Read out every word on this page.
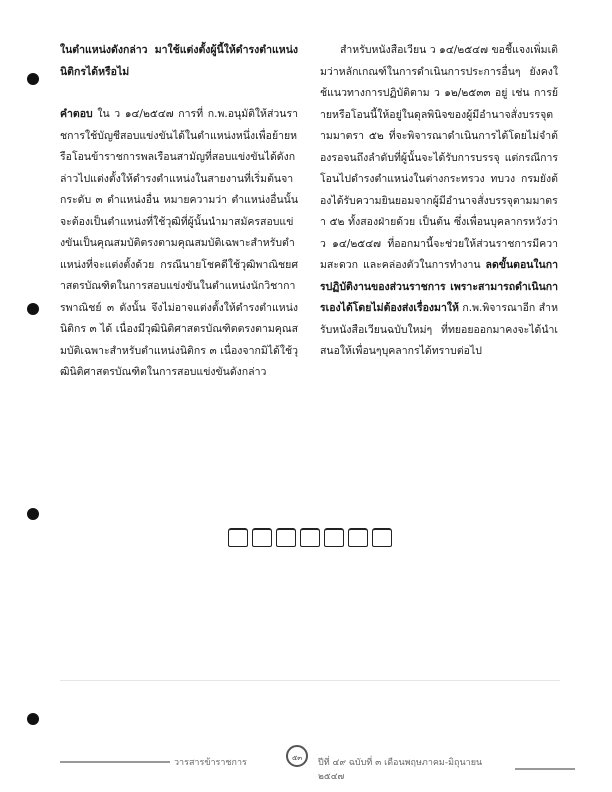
ในตำแหน่งดังกล่าว มาใช้แต่งตั้งผู้นี้ให้ดำรงตำแหน่งนิติกรได้หรือไม่

คำตอบ ใน ว ๑๔/๒๕๔๗ การที่ ก.พ.อนุมัติให้ส่วนราชการใช้บัญชีสอบแข่งขันได้ในตำแหน่งหนึ่งเพื่อย้ายหรือโอนข้าราชการพลเรือนสามัญที่สอบแข่งขันได้ดังกล่าวไปแต่งตั้งให้ดำรงตำแหน่งในสายงานที่เริ่มต้นจากระดับ ๓ ตำแหน่งอื่น หมายความว่า ตำแหน่งอื่นนั้นจะต้องเป็นตำแหน่งที่ใช้วุฒิที่ผู้นั้นนำมาสมัครสอบแข่งขันเป็นคุณสมบัติตรงตามคุณสมบัติเฉพาะสำหรับตำแหน่งที่จะแต่งตั้งด้วย กรณีนายโชคดีใช้วุฒิพาณิชยศาสตรบัณฑิตในการสอบแข่งขันในตำแหน่งนักวิชาการพาณิชย์ ๓ ดังนั้น จึงไม่อาจแต่งตั้งให้ดำรงตำแหน่งนิติกร ๓ ได้ เนื่องมีวุฒินิติศาสตรบัณฑิตตรงตามคุณสมบัติเฉพาะสำหรับตำแหน่งนิติกร ๓ เนื่องจากมิได้ใช้วุฒินิติศาสตรบัณฑิตในการสอบแข่งขันดังกล่าว

สำหรับหนังสือเวียน ว ๑๔/๒๕๔๗ ขอชี้แจงเพิ่มเติมว่าหลักเกณฑ์ในการดำเนินการประการอื่นๆ ยังคงใช้แนวทางการปฏิบัติตาม ว ๑๒/๒๕๓๓ อยู่ เช่น การย้ายหรือโอนนี้ให้อยู่ในดุลพินิจของผู้มีอำนาจสั่งบรรจุตามมาตรา ๕๒ ที่จะพิจารณาดำเนินการได้โดยไม่จำต้องรอจนถึงลำดับที่ผู้นั้นจะได้รับการบรรจุ แต่กรณีการโอนไปดำรงตำแหน่งในต่างกระทรวง ทบวง กรมยังต้องได้รับความยินยอมจากผู้มีอำนาจสั่งบรรจุตามมาตรา ๕๒ ทั้งสองฝ่ายด้วย เป็นต้น ซึ่งเพื่อนบุคลากรหวังว่า ว ๑๔/๒๕๔๗ ที่ออกมานี้จะช่วยให้ส่วนราชการมีความสะดวก และคล่องตัวในการทำงาน ลดขั้นตอนในการปฏิบัติงานของส่วนราชการ เพราะสามารถดำเนินการเองได้โดยไม่ต้องส่งเรื่องมาให้ ก.พ.พิจารณาอีก สำหรับหนังสือเวียนฉบับใหม่ๆ ที่ทยอยออกมาคงจะได้นำเสนอให้เพื่อนๆบุคลากรได้ทราบต่อไป

วารสารข้าราชการ	๕๓	ปีที่ ๔๙ ฉบับที่ ๓ เดือนพฤษภาคม-มิถุนายน ๒๕๔๗
